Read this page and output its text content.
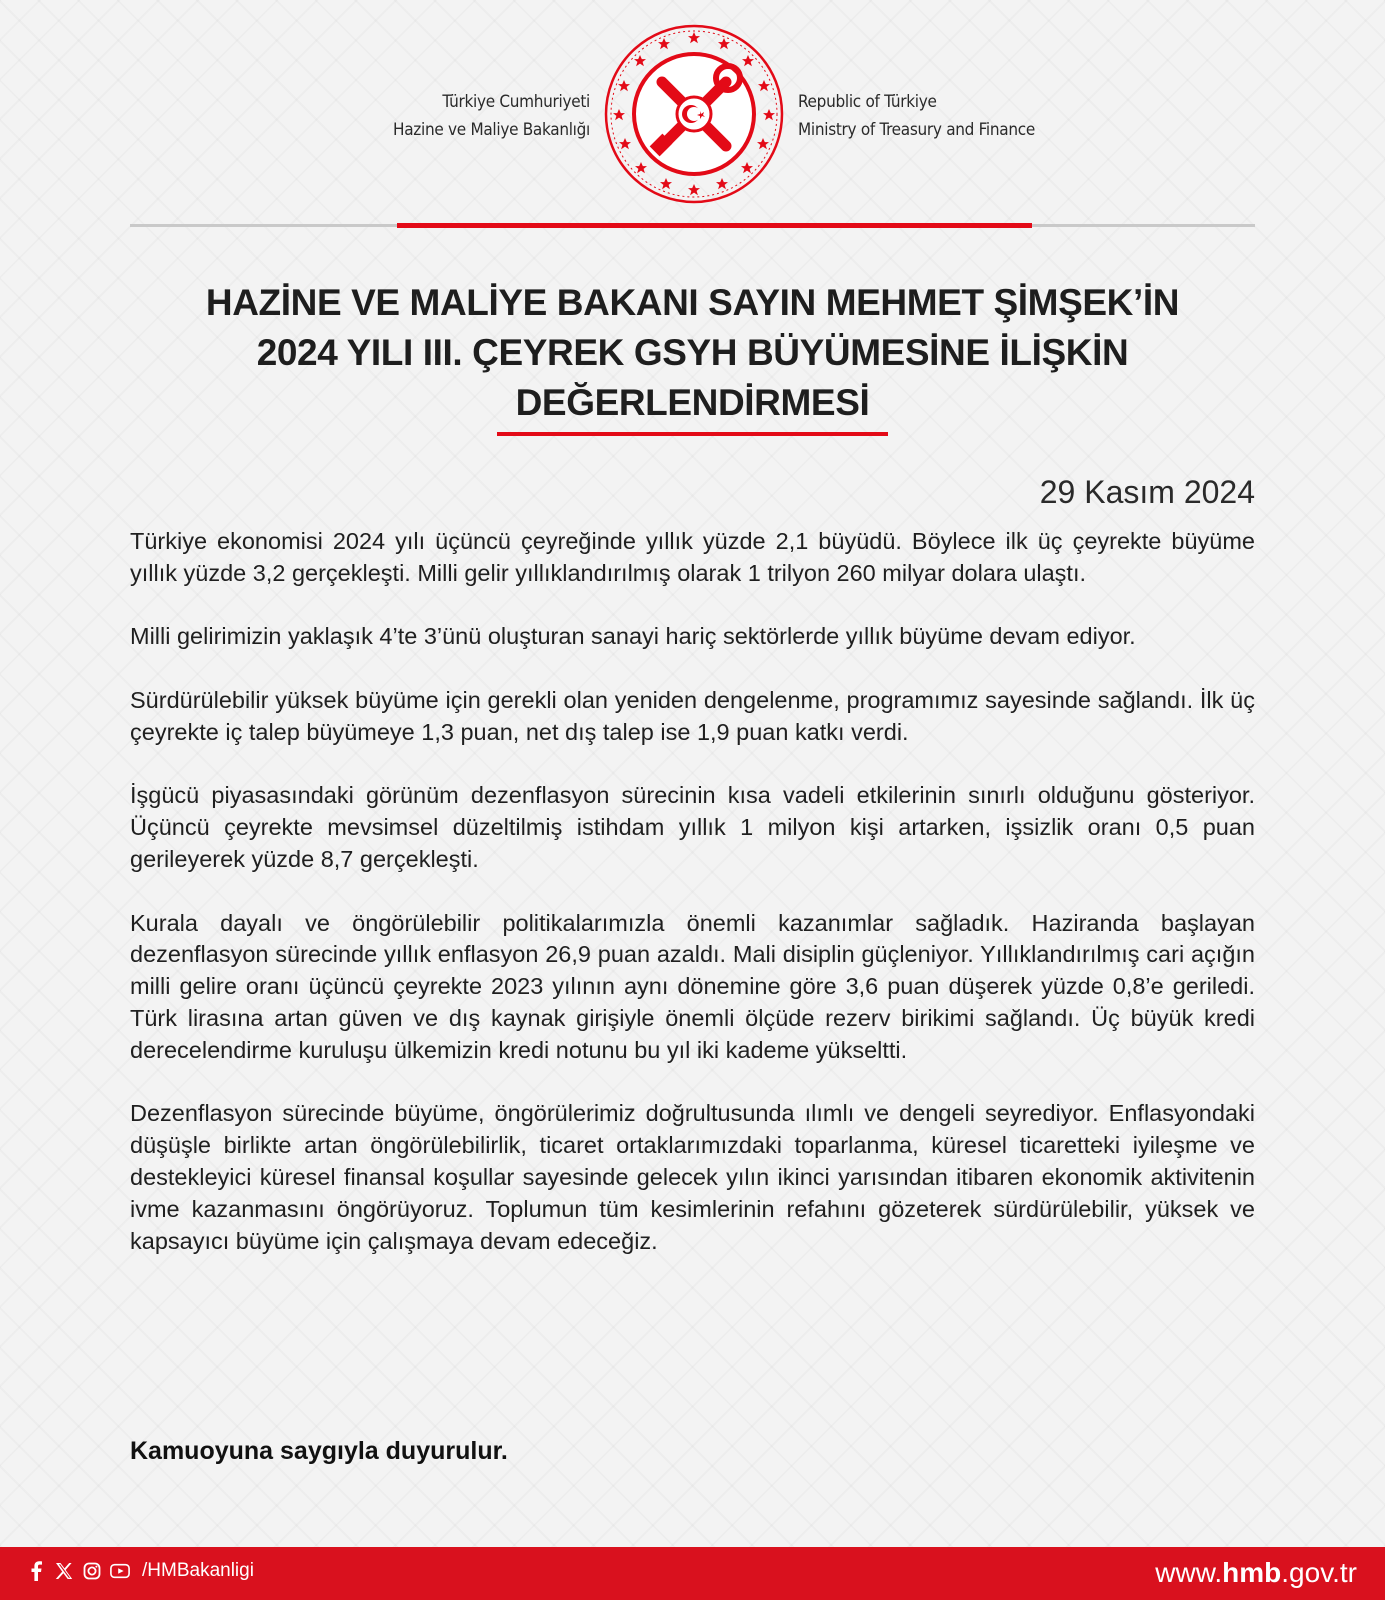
Türkiye Cumhuriyeti
Hazine ve Maliye Bakanlığı
Republic of Türkiye
Ministry of Treasury and Finance
HAZİNE VE MALİYE BAKANI SAYIN MEHMET ŞİMŞEK’İN
2024 YILI III. ÇEYREK GSYH BÜYÜMESİNE İLİŞKİN
DEĞERLENDİRMESİ
29 Kasım 2024

Türkiye ekonomisi 2024 yılı üçüncü çeyreğinde yıllık yüzde 2,1 büyüdü. Böylece ilk üç çeyrekte büyüme yıllık yüzde 3,2 gerçekleşti. Milli gelir yıllıklandırılmış olarak 1 trilyon 260 milyar dolara ulaştı.

Milli gelirimizin yaklaşık 4’te 3’ünü oluşturan sanayi hariç sektörlerde yıllık büyüme devam ediyor.

Sürdürülebilir yüksek büyüme için gerekli olan yeniden dengelenme, programımız sayesinde sağlandı. İlk üç çeyrekte iç talep büyümeye 1,3 puan, net dış talep ise 1,9 puan katkı verdi.

İşgücü piyasasındaki görünüm dezenflasyon sürecinin kısa vadeli etkilerinin sınırlı olduğunu gösteriyor. Üçüncü çeyrekte mevsimsel düzeltilmiş istihdam yıllık 1 milyon kişi artarken, işsizlik oranı 0,5 puan gerileyerek yüzde 8,7 gerçekleşti.

Kurala dayalı ve öngörülebilir politikalarımızla önemli kazanımlar sağladık. Haziranda başlayan dezenflasyon sürecinde yıllık enflasyon 26,9 puan azaldı. Mali disiplin güçleniyor. Yıllıklandırılmış cari açığın milli gelire oranı üçüncü çeyrekte 2023 yılının aynı dönemine göre 3,6 puan düşerek yüzde 0,8’e geriledi. Türk lirasına artan güven ve dış kaynak girişiyle önemli ölçüde rezerv birikimi sağlandı. Üç büyük kredi derecelendirme kuruluşu ülkemizin kredi notunu bu yıl iki kademe yükseltti.

Dezenflasyon sürecinde büyüme, öngörülerimiz doğrultusunda ılımlı ve dengeli seyrediyor. Enflasyondaki düşüşle birlikte artan öngörülebilirlik, ticaret ortaklarımızdaki toparlanma, küresel ticaretteki iyileşme ve destekleyici küresel finansal koşullar sayesinde gelecek yılın ikinci yarısından itibaren ekonomik aktivitenin ivme kazanmasını öngörüyoruz. Toplumun tüm kesimlerinin refahını gözeterek sürdürülebilir, yüksek ve kapsayıcı büyüme için çalışmaya devam edeceğiz.

Kamuoyuna saygıyla duyurulur.
/HMBakanligi	www.hmb.gov.tr
